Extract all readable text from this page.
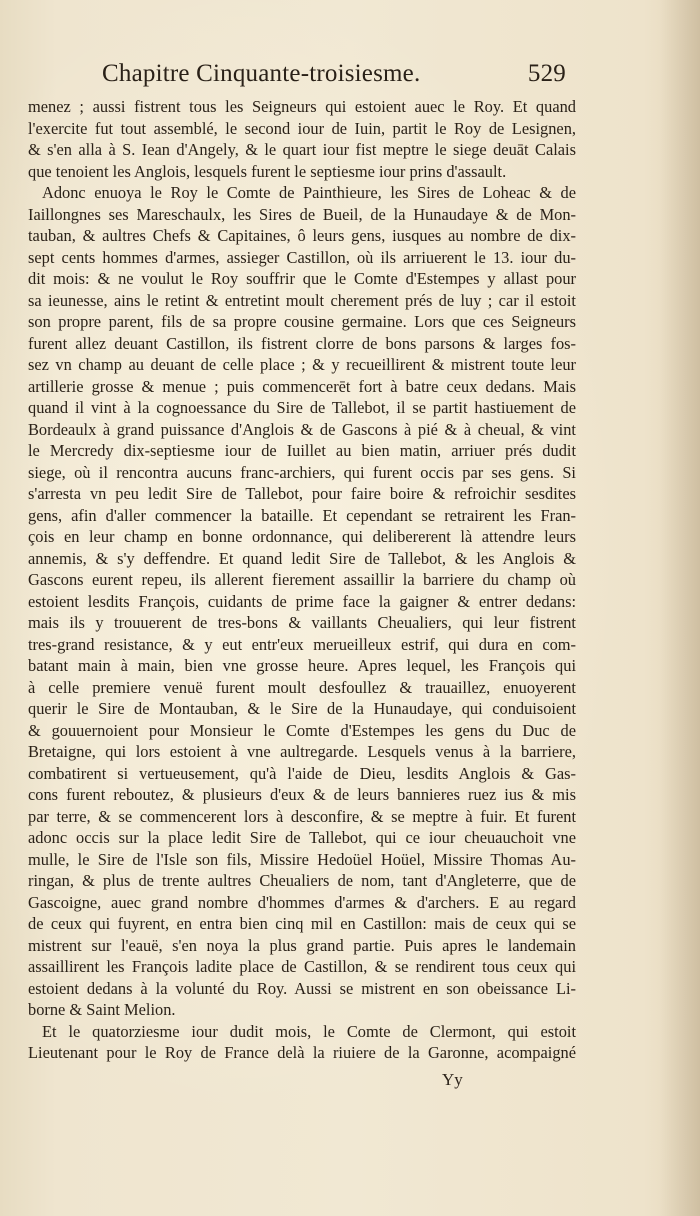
Chapitre Cinquante-troisiesme.	529
menez ; aussi fistrent tous les Seigneurs qui estoient auec le Roy. Et quand
l'exercite fut tout assemblé, le second iour de Iuin, partit le Roy de Lesignen,
& s'en alla à S. Iean d'Angely, & le quart iour fist meptre le siege deuāt Calais
que tenoient les Anglois, lesquels furent le septiesme iour prins d'assault.
Adonc enuoya le Roy le Comte de Painthieure, les Sires de Loheac & de
Iaillongnes ses Mareschaulx, les Sires de Bueil, de la Hunaudaye & de Mon-
tauban, & aultres Chefs & Capitaines, ô leurs gens, iusques au nombre de dix-
sept cents hommes d'armes, assieger Castillon, où ils arriuerent le 13. iour du-
dit mois: & ne voulut le Roy souffrir que le Comte d'Estempes y allast pour
sa ieunesse, ains le retint & entretint moult cherement prés de luy ; car il estoit
son propre parent, fils de sa propre cousine germaine. Lors que ces Seigneurs
furent allez deuant Castillon, ils fistrent clorre de bons parsons & larges fos-
sez vn champ au deuant de celle place ; & y recueillirent & mistrent toute leur
artillerie grosse & menue ; puis commencerēt fort à batre ceux dedans. Mais
quand il vint à la cognoessance du Sire de Tallebot, il se partit hastiuement de
Bordeaulx à grand puissance d'Anglois & de Gascons à pié & à cheual, & vint
le Mercredy dix-septiesme iour de Iuillet au bien matin, arriuer prés dudit
siege, où il rencontra aucuns franc-archiers, qui furent occis par ses gens. Si
s'arresta vn peu ledit Sire de Tallebot, pour faire boire & refroichir sesdites
gens, afin d'aller commencer la bataille. Et cependant se retrairent les Fran-
çois en leur champ en bonne ordonnance, qui delibererent là attendre leurs
annemis, & s'y deffendre. Et quand ledit Sire de Tallebot, & les Anglois &
Gascons eurent repeu, ils allerent fierement assaillir la barriere du champ où
estoient lesdits François, cuidants de prime face la gaigner & entrer dedans:
mais ils y trouuerent de tres-bons & vaillants Cheualiers, qui leur fistrent
tres-grand resistance, & y eut entr'eux merueilleux estrif, qui dura en com-
batant main à main, bien vne grosse heure. Apres lequel, les François qui
à celle premiere venuë furent moult desfoullez & trauaillez, enuoyerent
querir le Sire de Montauban, & le Sire de la Hunaudaye, qui conduisoient
& gouuernoient pour Monsieur le Comte d'Estempes les gens du Duc de
Bretaigne, qui lors estoient à vne aultregarde. Lesquels venus à la barriere,
combatirent si vertueusement, qu'à l'aide de Dieu, lesdits Anglois & Gas-
cons furent reboutez, & plusieurs d'eux & de leurs bannieres ruez ius & mis
par terre, & se commencerent lors à desconfire, & se meptre à fuir. Et furent
adonc occis sur la place ledit Sire de Tallebot, qui ce iour cheuauchoit vne
mulle, le Sire de l'Isle son fils, Missire Hedoüel Hoüel, Missire Thomas Au-
ringan, & plus de trente aultres Cheualiers de nom, tant d'Angleterre, que de
Gascoigne, auec grand nombre d'hommes d'armes & d'archers. E au regard
de ceux qui fuyrent, en entra bien cinq mil en Castillon: mais de ceux qui se
mistrent sur l'eauë, s'en noya la plus grand partie. Puis apres le landemain
assaillirent les François ladite place de Castillon, & se rendirent tous ceux qui
estoient dedans à la volunté du Roy. Aussi se mistrent en son obeissance Li-
borne & Saint Melion.
Et le quatorziesme iour dudit mois, le Comte de Clermont, qui estoit
Lieutenant pour le Roy de France delà la riuiere de la Garonne, acompaigné
Yy
